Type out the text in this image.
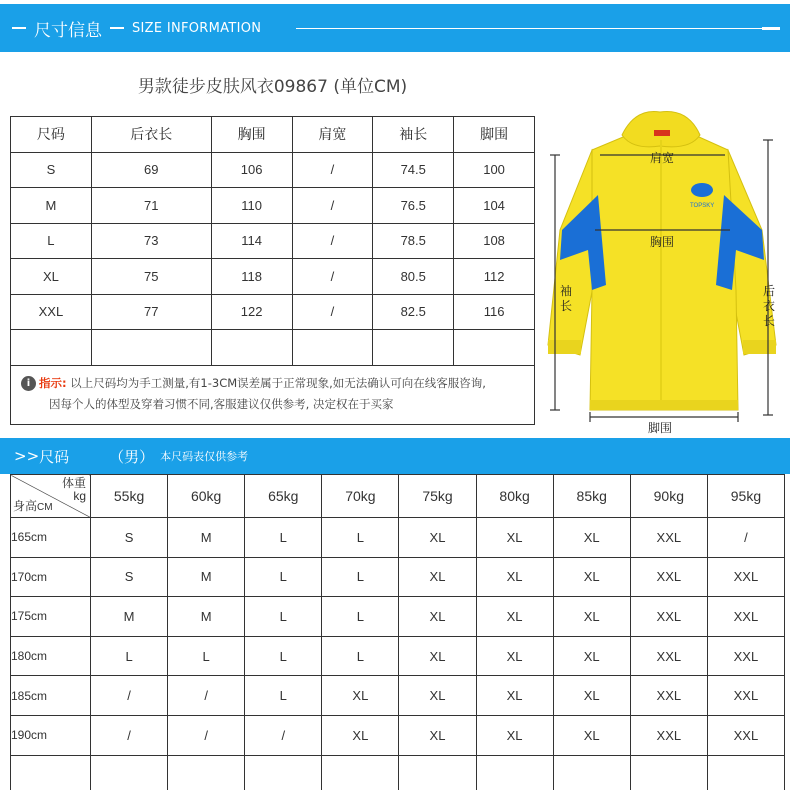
尺寸信息 SIZE INFORMATION
男款徒步皮肤风衣09867 (单位CM)
尺码	后衣长	胸围	肩宽	袖长	脚围
S	69	106	/	74.5	100
M	71	110	/	76.5	104
L	73	114	/	78.5	108
XL	75	118	/	80.5	112
XXL	77	122	/	82.5	116

i 指示: 以上尺码均为手工测量,有1-3CM误差属于正常现象,如无法确认可向在线客服咨询,
因每个人的体型及穿着习惯不同,客服建议仅供参考, 决定权在于买家
TOPSKY
肩宽
胸围
脚围
袖
长
后
衣
长
>> 尺码	（男） 本尺码表仅供参考
体重
kg
身高CM	55kg	60kg	65kg	70kg	75kg	80kg	85kg	90kg	95kg
165cm	S	M	L	L	XL	XL	XL	XXL	/
170cm	S	M	L	L	XL	XL	XL	XXL	XXL
175cm	M	M	L	L	XL	XL	XL	XXL	XXL
180cm	L	L	L	L	XL	XL	XL	XXL	XXL
185cm	/	/	L	XL	XL	XL	XL	XXL	XXL
190cm	/	/	/	XL	XL	XL	XL	XXL	XXL
